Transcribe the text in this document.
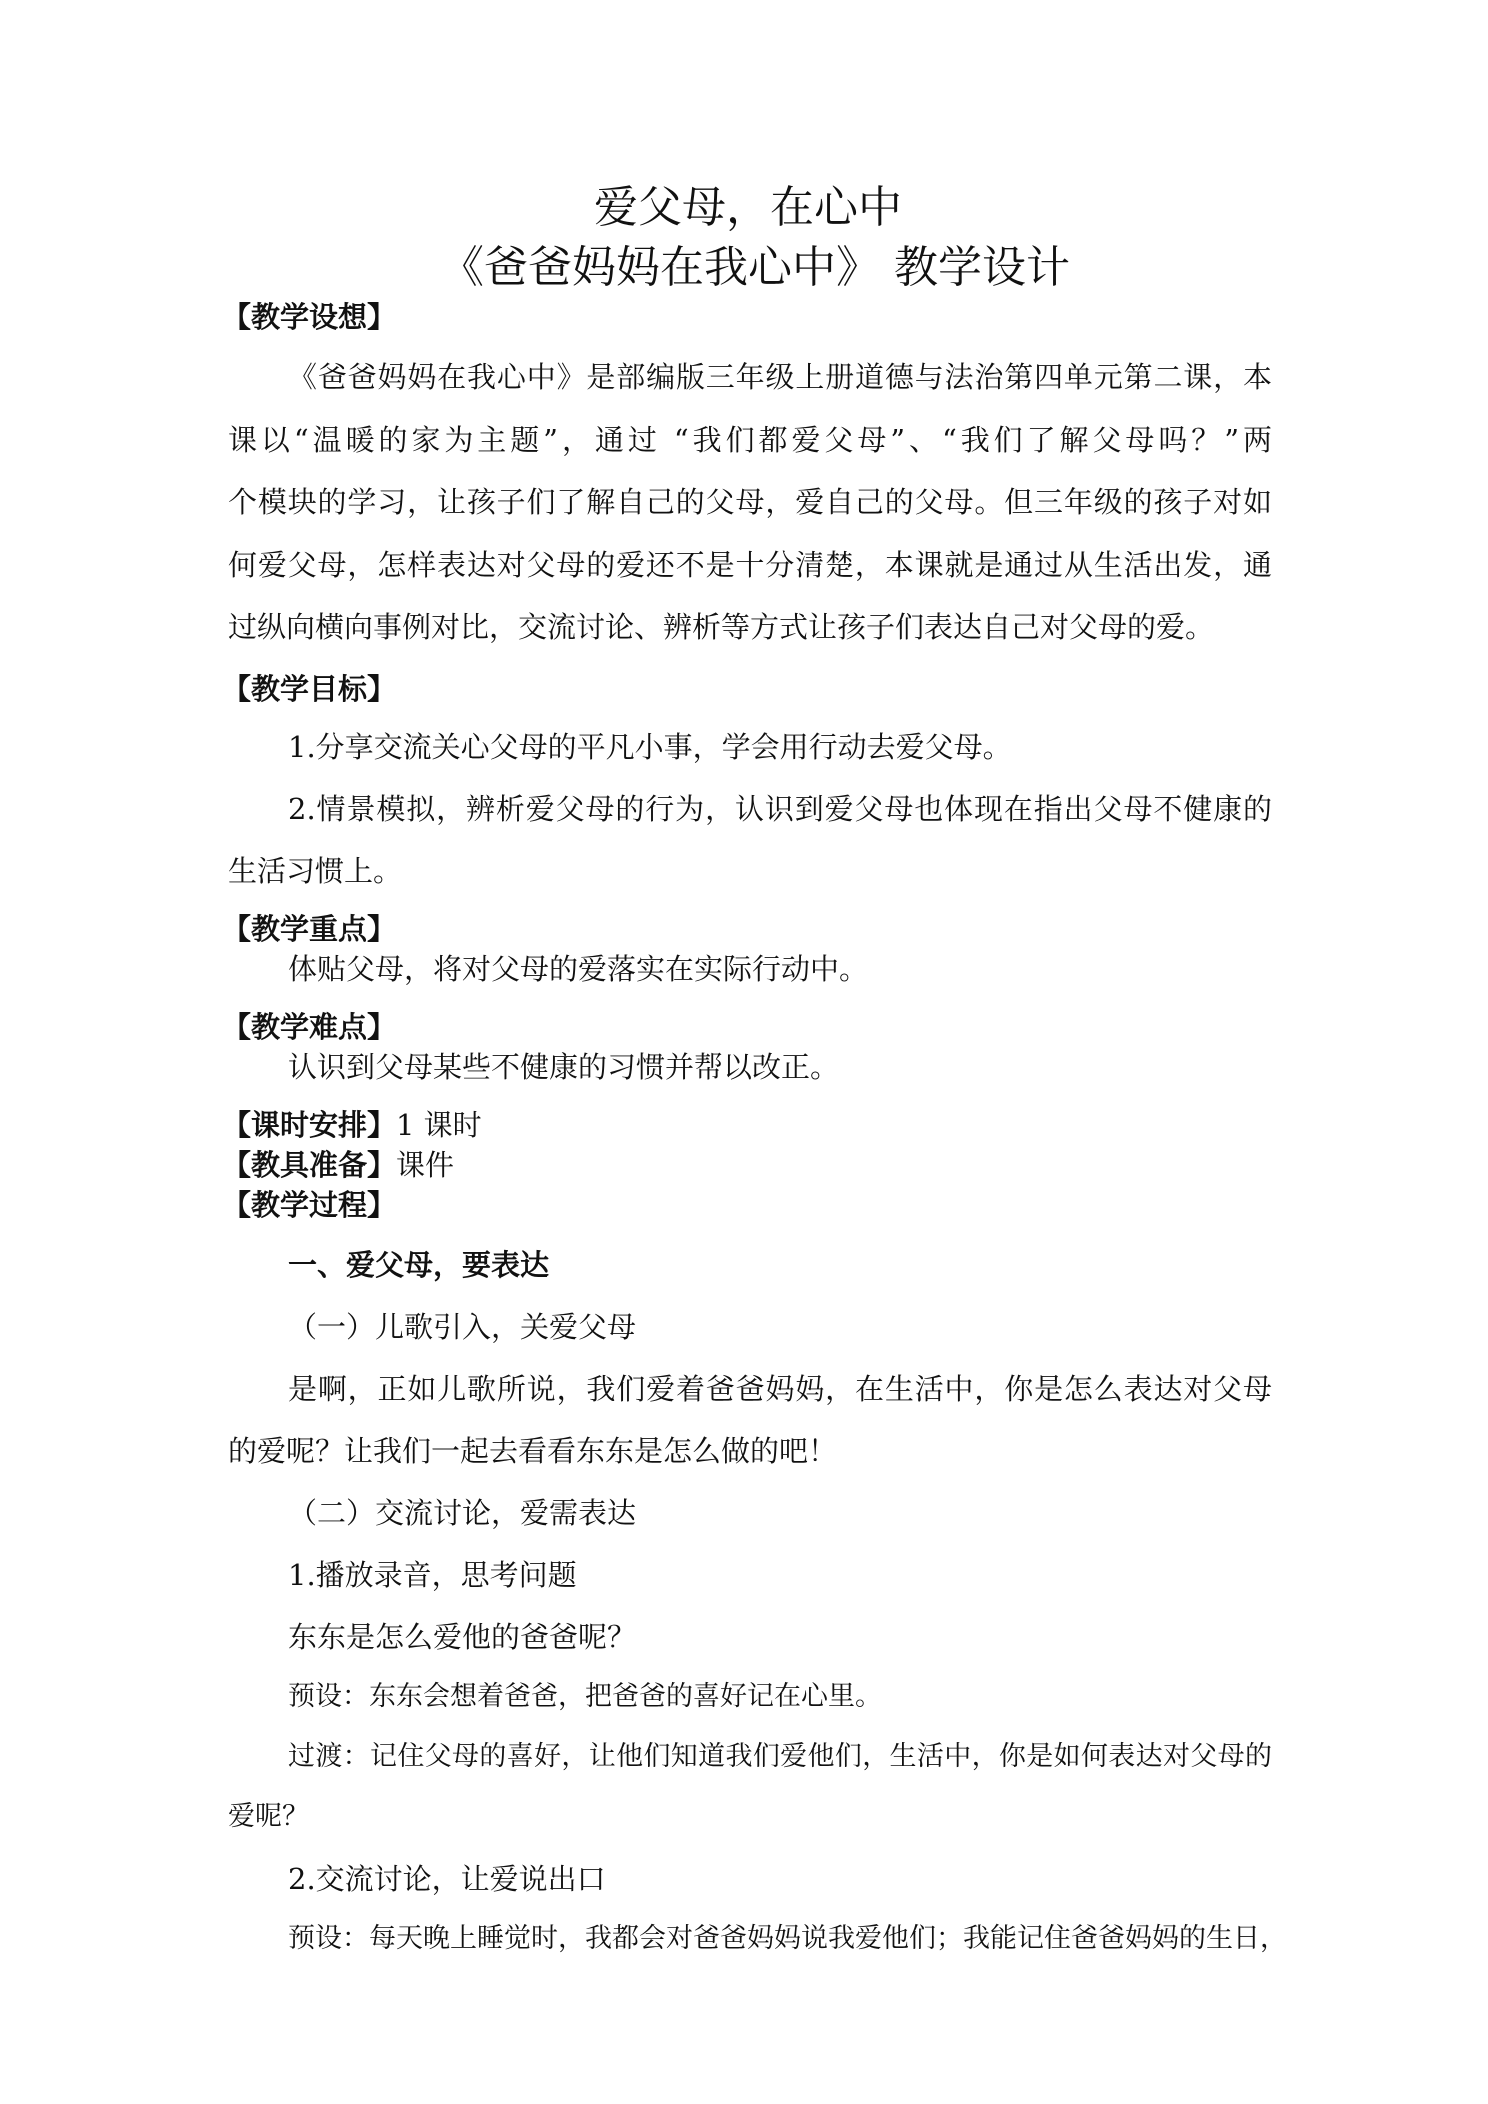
爱父母，在心中
《爸爸妈妈在我心中》 教学设计
【教学设想】
《爸爸妈妈在我心中》是部编版三年级上册道德与法治第四单元第二课，本
课以“温暖的家为主题”，通过 “我们都爱父母”、“我们了解父母吗？”两
个模块的学习，让孩子们了解自己的父母，爱自己的父母。但三年级的孩子对如
何爱父母，怎样表达对父母的爱还不是十分清楚，本课就是通过从生活出发，通
过纵向横向事例对比，交流讨论、辨析等方式让孩子们表达自己对父母的爱。
【教学目标】
1.分享交流关心父母的平凡小事，学会用行动去爱父母。
2.情景模拟，辨析爱父母的行为，认识到爱父母也体现在指出父母不健康的
生活习惯上。
【教学重点】
体贴父母，将对父母的爱落实在实际行动中。
【教学难点】
认识到父母某些不健康的习惯并帮以改正。
【课时安排】1 课时
【教具准备】课件
【教学过程】
一、爱父母，要表达
（一）儿歌引入，关爱父母
是啊，正如儿歌所说，我们爱着爸爸妈妈，在生活中，你是怎么表达对父母
的爱呢？让我们一起去看看东东是怎么做的吧！
（二）交流讨论，爱需表达
1.播放录音，思考问题
东东是怎么爱他的爸爸呢？
预设：东东会想着爸爸，把爸爸的喜好记在心里。
过渡：记住父母的喜好，让他们知道我们爱他们，生活中，你是如何表达对父母的
爱呢？
2.交流讨论，让爱说出口
预设：每天晚上睡觉时，我都会对爸爸妈妈说我爱他们；我能记住爸爸妈妈的生日，
